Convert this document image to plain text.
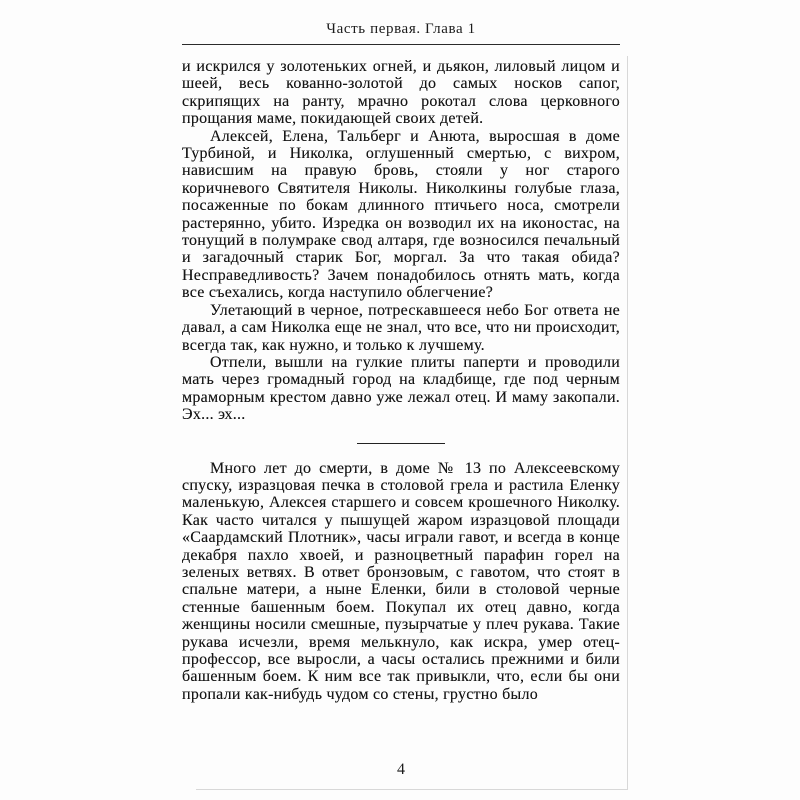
Часть первая. Глава 1

и искрился у золотеньких огней, и дьякон, лиловый лицом и шеей, весь кованно-золотой до самых носков сапог, скрипящих на ранту, мрачно рокотал слова церковного прощания маме, покидающей своих детей.

Алексей, Елена, Тальберг и Анюта, выросшая в доме Турбиной, и Николка, оглушенный смертью, с вихром, нависшим на правую бровь, стояли у ног старого коричневого Святителя Николы. Николкины голубые глаза, посаженные по бокам длинного птичьего носа, смотрели растерянно, убито. Изредка он возводил их на иконостас, на тонущий в полумраке свод алтаря, где возносился печальный и загадочный старик Бог, моргал. За что такая обида? Несправедливость? Зачем понадобилось отнять мать, когда все съехались, когда наступило облегчение?

Улетающий в черное, потрескавшееся небо Бог ответа не давал, а сам Николка еще не знал, что все, что ни происходит, всегда так, как нужно, и только к лучшему.

Отпели, вышли на гулкие плиты паперти и проводили мать через громадный город на кладбище, где под черным мраморным крестом давно уже лежал отец. И маму закопали. Эх... эх...

Много лет до смерти, в доме № 13 по Алексеевскому спуску, изразцовая печка в столовой грела и растила Еленку маленькую, Алексея старшего и совсем крошечного Николку. Как часто читался у пышущей жаром изразцовой площади «Саардамский Плотник», часы играли гавот, и всегда в конце декабря пахло хвоей, и разноцветный парафин горел на зеленых ветвях. В ответ бронзовым, с гавотом, что стоят в спальне матери, а ныне Еленки, били в столовой черные стенные башенным боем. Покупал их отец давно, когда женщины носили смешные, пузырчатые у плеч рукава. Такие рукава исчезли, время мелькнуло, как искра, умер отец-профессор, все выросли, а часы остались прежними и били башенным боем. К ним все так привыкли, что, если бы они пропали как-нибудь чудом со стены, грустно было

4
